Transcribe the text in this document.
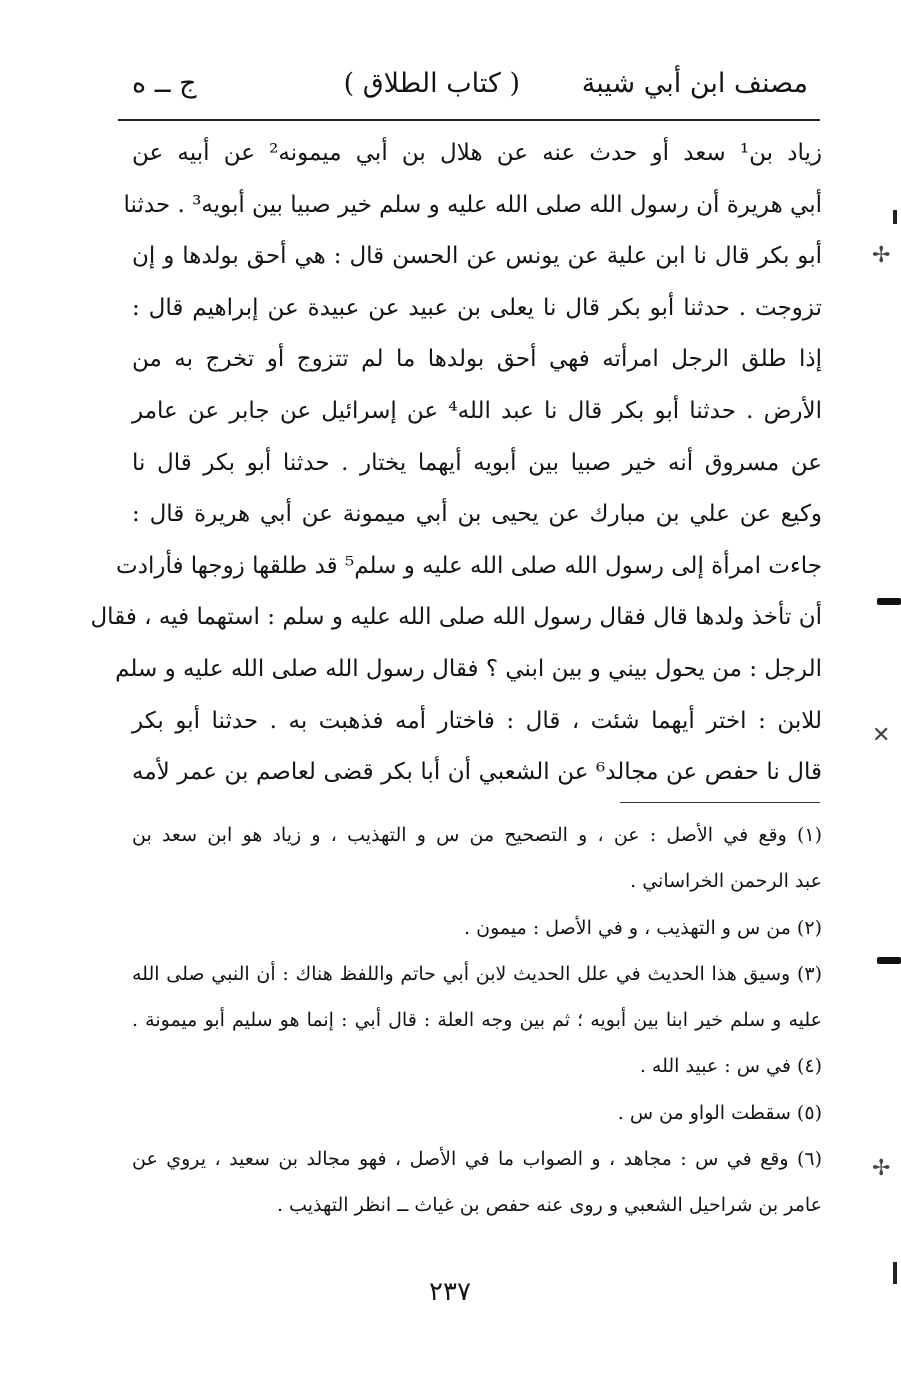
مصنف ابن أبي شيبة
( كتاب الطلاق )
ج ــ ه
زياد بن¹ سعد أو حدث عنه عن هلال بن أبي ميمونه² عن أبيه عن
أبي هريرة أن رسول الله صلى الله عليه و سلم خير صبيا بين أبويه³ . حدثنا
أبو بكر قال نا ابن علية عن يونس عن الحسن قال : هي أحق بولدها و إن
تزوجت . حدثنا أبو بكر قال نا يعلى بن عبيد عن عبيدة عن إبراهيم قال :
إذا طلق الرجل امرأته فهي أحق بولدها ما لم تتزوج أو تخرج به من
الأرض . حدثنا أبو بكر قال نا عبد الله⁴ عن إسرائيل عن جابر عن عامر
عن مسروق أنه خير صبيا بين أبويه أيهما يختار . حدثنا أبو بكر قال نا
وكيع عن علي بن مبارك عن يحيى بن أبي ميمونة عن أبي هريرة قال :
جاءت امرأة إلى رسول الله صلى الله عليه و سلم⁵ قد طلقها زوجها فأرادت
أن تأخذ ولدها قال فقال رسول الله صلى الله عليه و سلم : استهما فيه ، فقال
الرجل : من يحول بيني و بين ابني ؟ فقال رسول الله صلى الله عليه و سلم
للابن : اختر أيهما شئت ، قال : فاختار أمه فذهبت به . حدثنا أبو بكر
قال نا حفص عن مجالد⁶ عن الشعبي أن أبا بكر قضى لعاصم بن عمر لأمه
(١) وقع في الأصل : عن ، و التصحيح من س و التهذيب ، و زياد هو ابن سعد بن
عبد الرحمن الخراساني .
(٢) من س و التهذيب ، و في الأصل : ميمون .
(٣) وسيق هذا الحديث في علل الحديث لابن أبي حاتم واللفظ هناك : أن النبي صلى الله
عليه و سلم خير ابنا بين أبويه ؛ ثم بين وجه العلة : قال أبي : إنما هو سليم أبو ميمونة .
(٤) في س : عبيد الله .
(٥) سقطت الواو من س .
(٦) وقع في س : مجاهد ، و الصواب ما في الأصل ، فهو مجالد بن سعيد ، يروي عن
عامر بن شراحيل الشعبي و روى عنه حفص بن غياث ــ انظر التهذيب .
٢٣٧
✢
✕
✢
